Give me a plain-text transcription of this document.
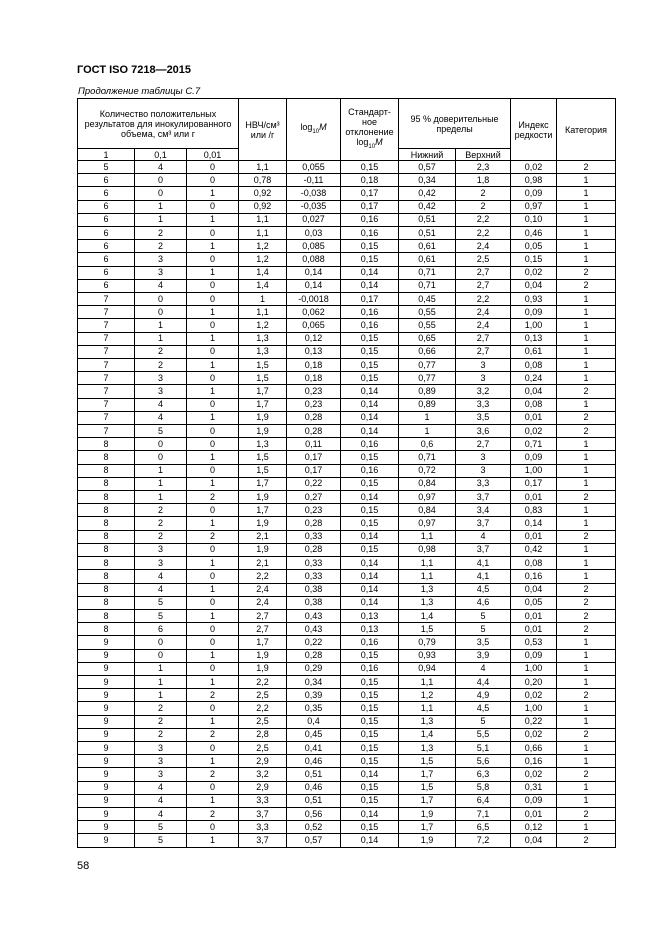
ГОСТ ISO 7218—2015
Продолжение таблицы С.7
Количество положительных результатов для инокулированного объема, см³ или г			НВЧ/см³ или /г	$\log_{10}M$	Стандарт-ное отклонение
$\log_{10}M$	95 % доверительные пределы		Индекс редкости	Категория
1	0,1	0,01				Нижний	Верхний		
5	4	0	1,1	0,055	0,15	0,57	2,3	0,02	2
6	0	0	0,78	-0,11	0,18	0,34	1,8	0,98	1
6	0	1	0,92	-0,038	0,17	0,42	2	0,09	1
6	1	0	0,92	-0,035	0,17	0,42	2	0,97	1
6	1	1	1,1	0,027	0,16	0,51	2,2	0,10	1
6	2	0	1,1	0,03	0,16	0,51	2,2	0,46	1
6	2	1	1,2	0,085	0,15	0,61	2,4	0,05	1
6	3	0	1,2	0,088	0,15	0,61	2,5	0,15	1
6	3	1	1,4	0,14	0,14	0,71	2,7	0,02	2
6	4	0	1,4	0,14	0,14	0,71	2,7	0,04	2
7	0	0	1	-0,0018	0,17	0,45	2,2	0,93	1
7	0	1	1,1	0,062	0,16	0,55	2,4	0,09	1
7	1	0	1,2	0,065	0,16	0,55	2,4	1,00	1
7	1	1	1,3	0,12	0,15	0,65	2,7	0,13	1
7	2	0	1,3	0,13	0,15	0,66	2,7	0,61	1
7	2	1	1,5	0,18	0,15	0,77	3	0,08	1
7	3	0	1,5	0,18	0,15	0,77	3	0,24	1
7	3	1	1,7	0,23	0,14	0,89	3,2	0,04	2
7	4	0	1,7	0,23	0,14	0,89	3,3	0,08	1
7	4	1	1,9	0,28	0,14	1	3,5	0,01	2
7	5	0	1,9	0,28	0,14	1	3,6	0,02	2
8	0	0	1,3	0,11	0,16	0,6	2,7	0,71	1
8	0	1	1,5	0,17	0,15	0,71	3	0,09	1
8	1	0	1,5	0,17	0,16	0,72	3	1,00	1
8	1	1	1,7	0,22	0,15	0,84	3,3	0,17	1
8	1	2	1,9	0,27	0,14	0,97	3,7	0,01	2
8	2	0	1,7	0,23	0,15	0,84	3,4	0,83	1
8	2	1	1,9	0,28	0,15	0,97	3,7	0,14	1
8	2	2	2,1	0,33	0,14	1,1	4	0,01	2
8	3	0	1,9	0,28	0,15	0,98	3,7	0,42	1
8	3	1	2,1	0,33	0,14	1,1	4,1	0,08	1
8	4	0	2,2	0,33	0,14	1,1	4,1	0,16	1
8	4	1	2,4	0,38	0,14	1,3	4,5	0,04	2
8	5	0	2,4	0,38	0,14	1,3	4,6	0,05	2
8	5	1	2,7	0,43	0,13	1,4	5	0,01	2
8	6	0	2,7	0,43	0,13	1,5	5	0,01	2
9	0	0	1,7	0,22	0,16	0,79	3,5	0,53	1
9	0	1	1,9	0,28	0,15	0,93	3,9	0,09	1
9	1	0	1,9	0,29	0,16	0,94	4	1,00	1
9	1	1	2,2	0,34	0,15	1,1	4,4	0,20	1
9	1	2	2,5	0,39	0,15	1,2	4,9	0,02	2
9	2	0	2,2	0,35	0,15	1,1	4,5	1,00	1
9	2	1	2,5	0,4	0,15	1,3	5	0,22	1
9	2	2	2,8	0,45	0,15	1,4	5,5	0,02	2
9	3	0	2,5	0,41	0,15	1,3	5,1	0,66	1
9	3	1	2,9	0,46	0,15	1,5	5,6	0,16	1
9	3	2	3,2	0,51	0,14	1,7	6,3	0,02	2
9	4	0	2,9	0,46	0,15	1,5	5,8	0,31	1
9	4	1	3,3	0,51	0,15	1,7	6,4	0,09	1
9	4	2	3,7	0,56	0,14	1,9	7,1	0,01	2
9	5	0	3,3	0,52	0,15	1,7	6,5	0,12	1
9	5	1	3,7	0,57	0,14	1,9	7,2	0,04	2
58
